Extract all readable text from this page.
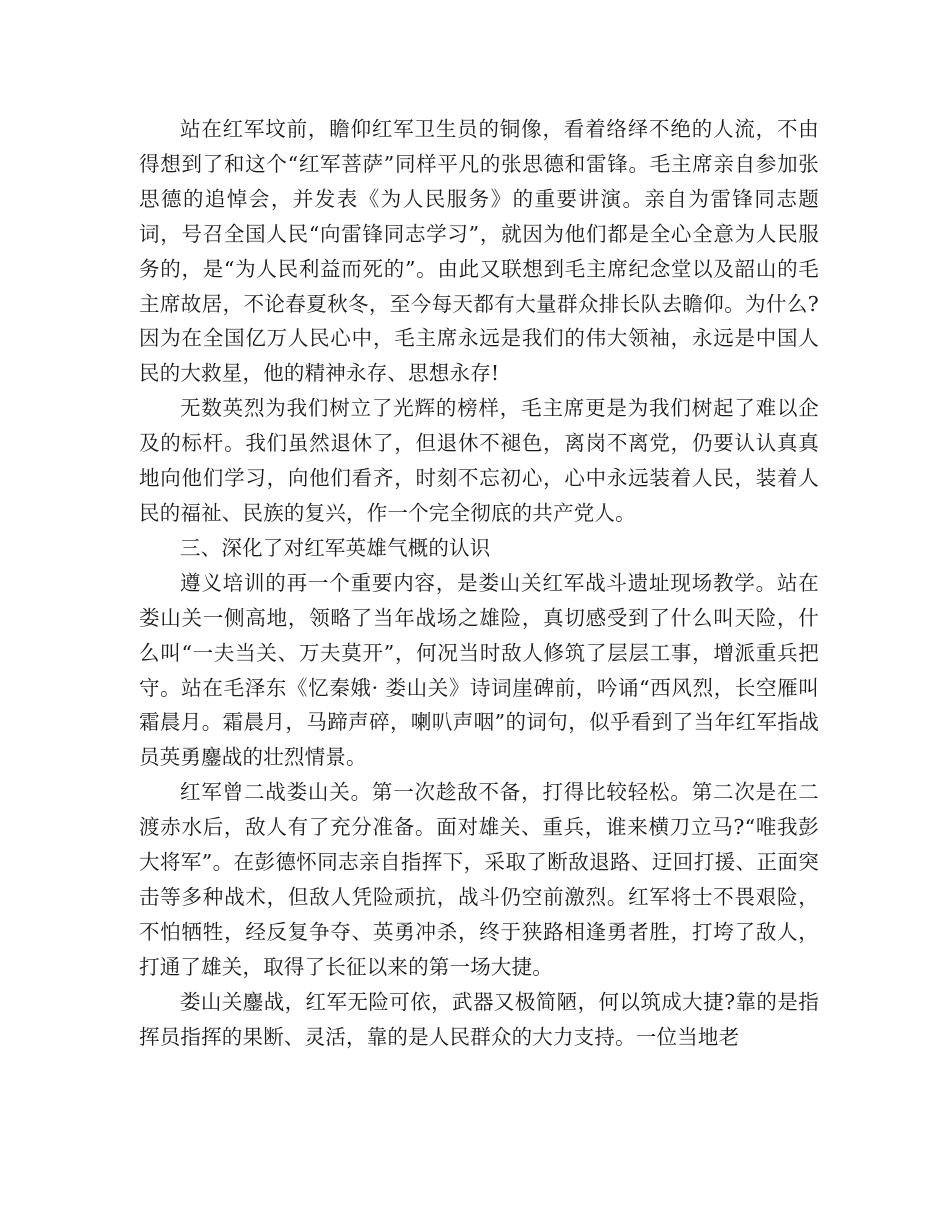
站在红军坟前，瞻仰红军卫生员的铜像，看着络绎不绝的人流，不由得想到了和这个“红军菩萨”同样平凡的张思德和雷锋。毛主席亲自参加张思德的追悼会，并发表《为人民服务》的重要讲演。亲自为雷锋同志题词，号召全国人民“向雷锋同志学习”，就因为他们都是全心全意为人民服务的，是“为人民利益而死的”。由此又联想到毛主席纪念堂以及韶山的毛主席故居，不论春夏秋冬，至今每天都有大量群众排长队去瞻仰。为什么?因为在全国亿万人民心中，毛主席永远是我们的伟大领袖，永远是中国人民的大救星，他的精神永存、思想永存!

无数英烈为我们树立了光辉的榜样，毛主席更是为我们树起了难以企及的标杆。我们虽然退休了，但退休不褪色，离岗不离党，仍要认认真真地向他们学习，向他们看齐，时刻不忘初心，心中永远装着人民，装着人民的福祉、民族的复兴，作一个完全彻底的共产党人。

三、深化了对红军英雄气概的认识

遵义培训的再一个重要内容，是娄山关红军战斗遗址现场教学。站在娄山关一侧高地，领略了当年战场之雄险，真切感受到了什么叫天险，什么叫“一夫当关、万夫莫开”，何况当时敌人修筑了层层工事，增派重兵把守。站在毛泽东《忆秦娥· 娄山关》诗词崖碑前，吟诵“西风烈，长空雁叫霜晨月。霜晨月，马蹄声碎，喇叭声咽”的词句，似乎看到了当年红军指战员英勇鏖战的壮烈情景。

红军曾二战娄山关。第一次趁敌不备，打得比较轻松。第二次是在二渡赤水后，敌人有了充分准备。面对雄关、重兵，谁来横刀立马?“唯我彭大将军”。在彭德怀同志亲自指挥下，采取了断敌退路、迂回打援、正面突击等多种战术，但敌人凭险顽抗，战斗仍空前激烈。红军将士不畏艰险，不怕牺牲，经反复争夺、英勇冲杀，终于狭路相逢勇者胜，打垮了敌人，打通了雄关，取得了长征以来的第一场大捷。

娄山关鏖战，红军无险可依，武器又极简陋，何以筑成大捷?靠的是指挥员指挥的果断、灵活，靠的是人民群众的大力支持。一位当地老
